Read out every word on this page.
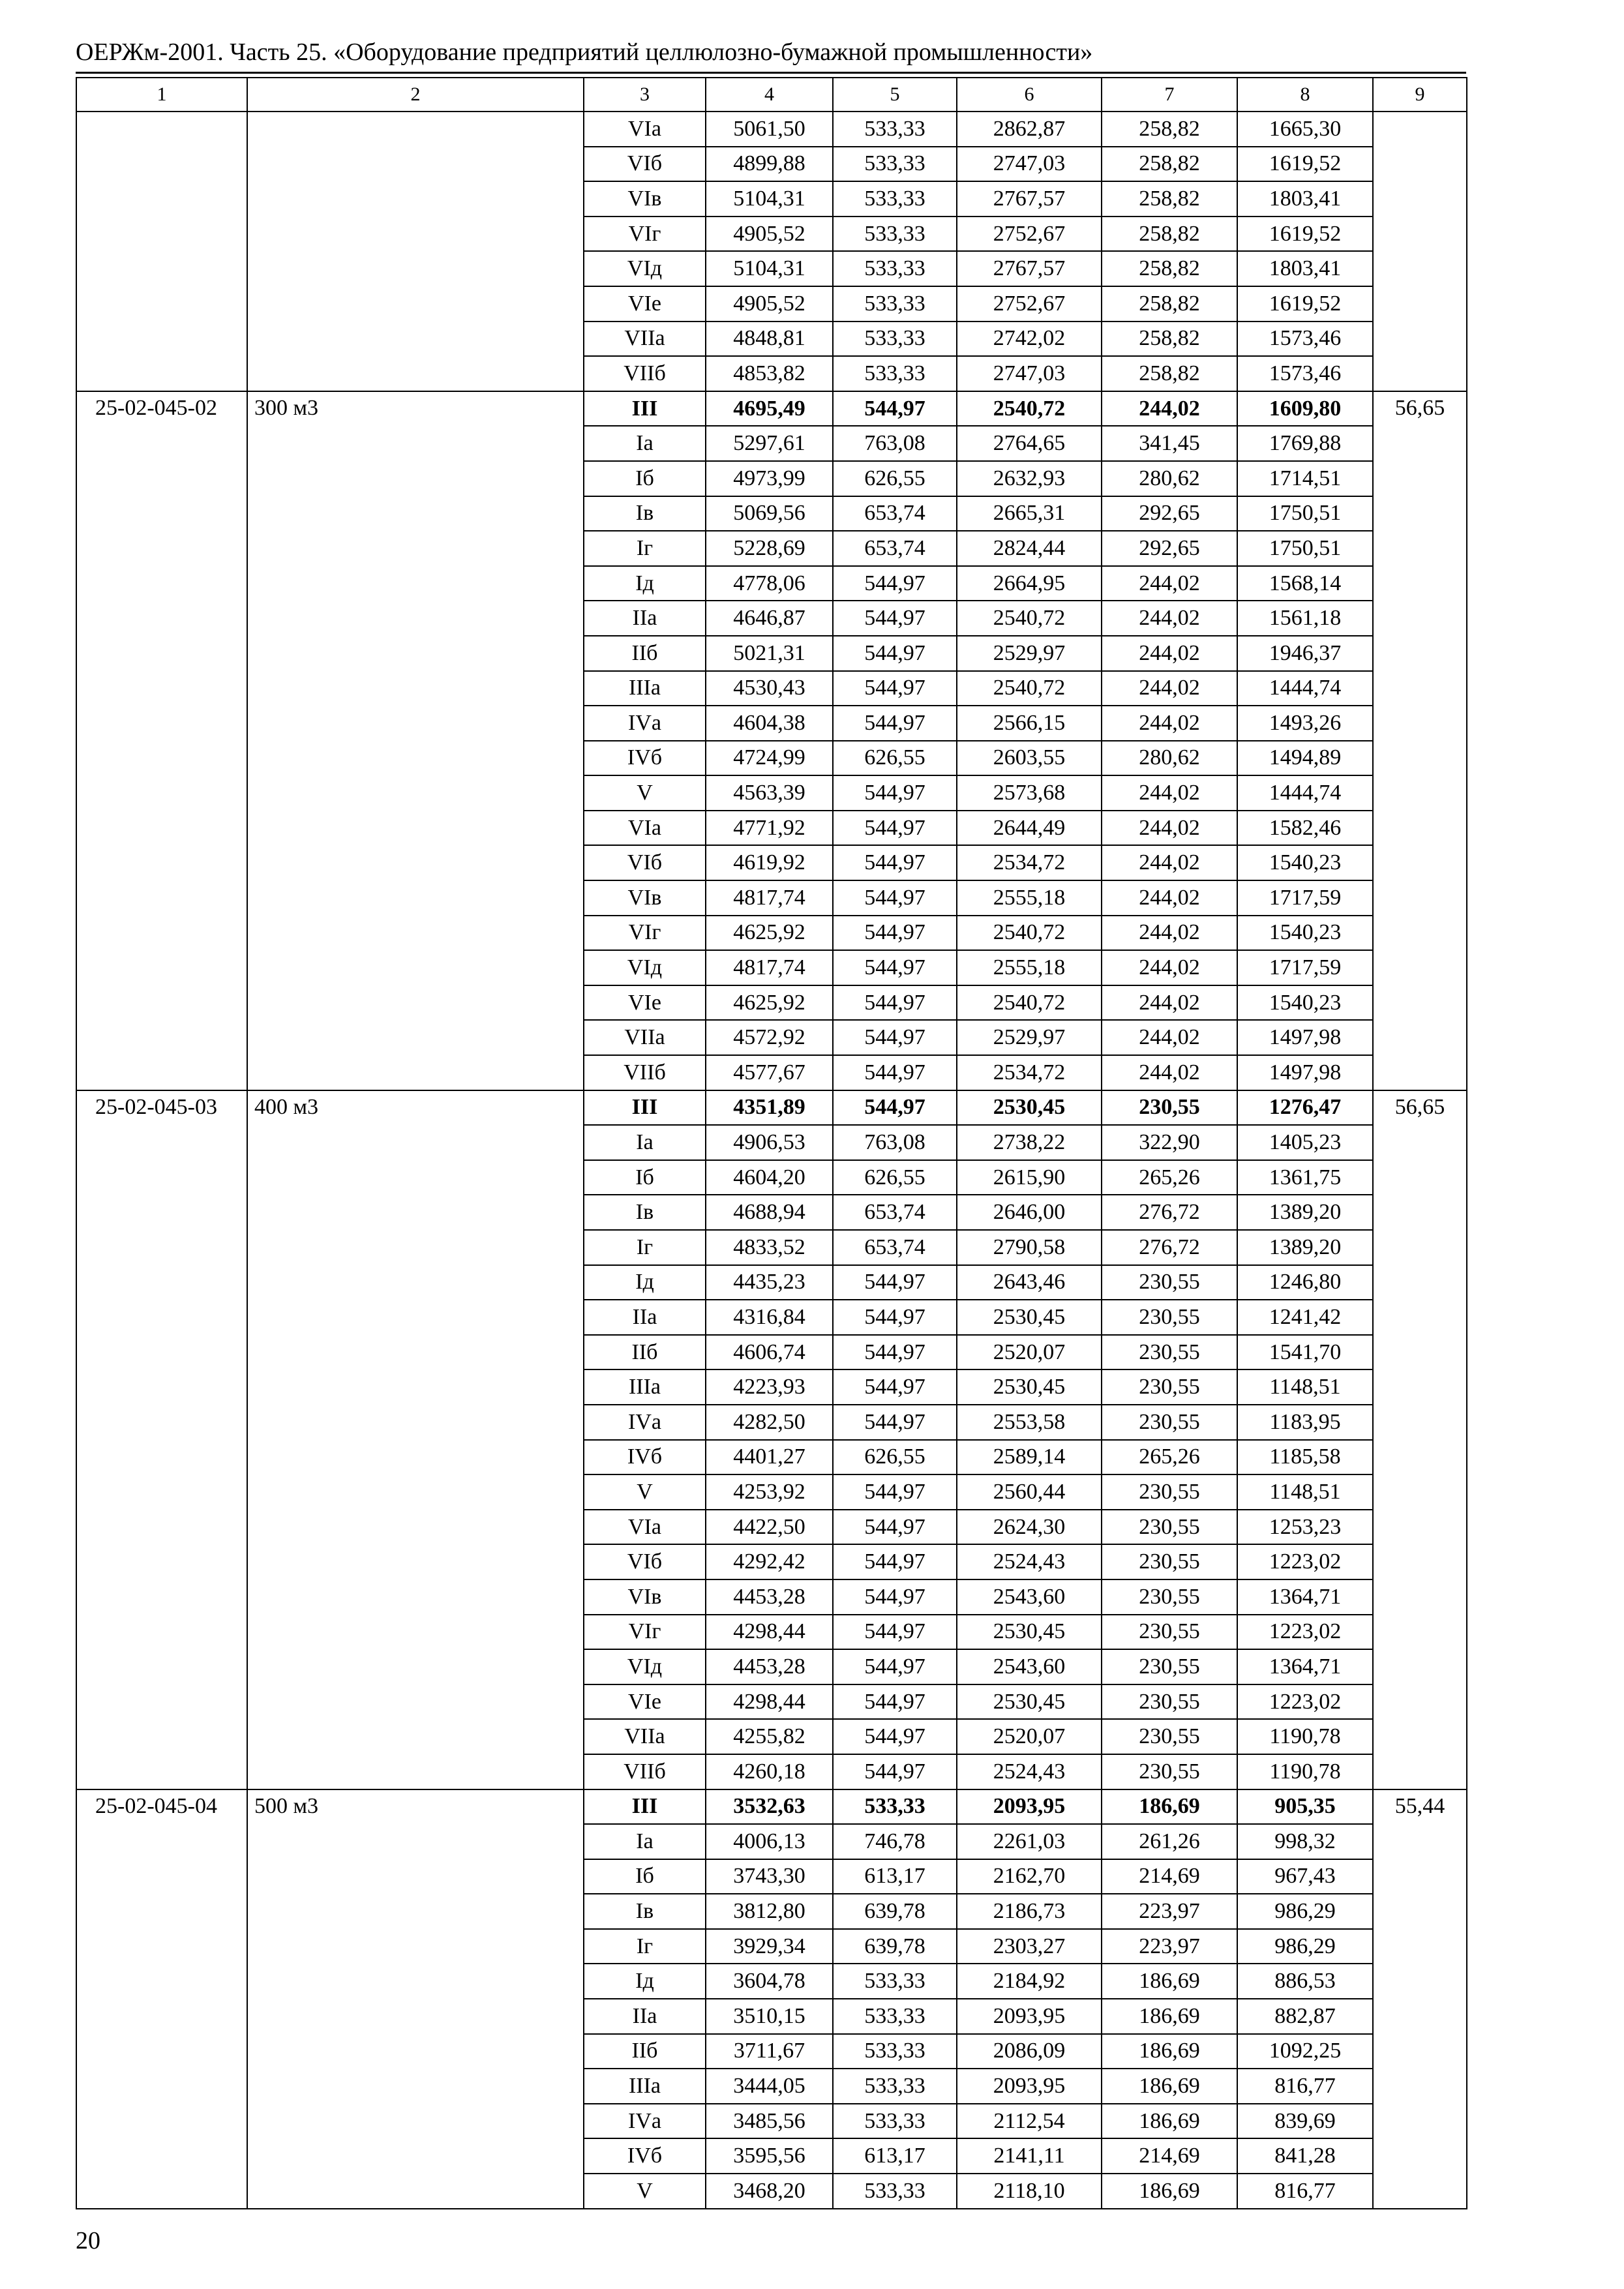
ОЕРЖм-2001. Часть 25. «Оборудование предприятий целлюлозно-бумажной промышленности»
1	2	3	4	5	6	7	8	9
		VIа	5061,50	533,33	2862,87	258,82	1665,30	
		VIб	4899,88	533,33	2747,03	258,82	1619,52	
		VIв	5104,31	533,33	2767,57	258,82	1803,41	
		VIг	4905,52	533,33	2752,67	258,82	1619,52	
		VIд	5104,31	533,33	2767,57	258,82	1803,41	
		VIе	4905,52	533,33	2752,67	258,82	1619,52	
		VIIа	4848,81	533,33	2742,02	258,82	1573,46	
		VIIб	4853,82	533,33	2747,03	258,82	1573,46	
25-02-045-02	300 м3	III	4695,49	544,97	2540,72	244,02	1609,80	56,65
		Iа	5297,61	763,08	2764,65	341,45	1769,88	
		Iб	4973,99	626,55	2632,93	280,62	1714,51	
		Iв	5069,56	653,74	2665,31	292,65	1750,51	
		Iг	5228,69	653,74	2824,44	292,65	1750,51	
		Iд	4778,06	544,97	2664,95	244,02	1568,14	
		IIа	4646,87	544,97	2540,72	244,02	1561,18	
		IIб	5021,31	544,97	2529,97	244,02	1946,37	
		IIIа	4530,43	544,97	2540,72	244,02	1444,74	
		IVа	4604,38	544,97	2566,15	244,02	1493,26	
		IVб	4724,99	626,55	2603,55	280,62	1494,89	
		V	4563,39	544,97	2573,68	244,02	1444,74	
		VIа	4771,92	544,97	2644,49	244,02	1582,46	
		VIб	4619,92	544,97	2534,72	244,02	1540,23	
		VIв	4817,74	544,97	2555,18	244,02	1717,59	
		VIг	4625,92	544,97	2540,72	244,02	1540,23	
		VIд	4817,74	544,97	2555,18	244,02	1717,59	
		VIе	4625,92	544,97	2540,72	244,02	1540,23	
		VIIа	4572,92	544,97	2529,97	244,02	1497,98	
		VIIб	4577,67	544,97	2534,72	244,02	1497,98	
25-02-045-03	400 м3	III	4351,89	544,97	2530,45	230,55	1276,47	56,65
		Iа	4906,53	763,08	2738,22	322,90	1405,23	
		Iб	4604,20	626,55	2615,90	265,26	1361,75	
		Iв	4688,94	653,74	2646,00	276,72	1389,20	
		Iг	4833,52	653,74	2790,58	276,72	1389,20	
		Iд	4435,23	544,97	2643,46	230,55	1246,80	
		IIа	4316,84	544,97	2530,45	230,55	1241,42	
		IIб	4606,74	544,97	2520,07	230,55	1541,70	
		IIIа	4223,93	544,97	2530,45	230,55	1148,51	
		IVа	4282,50	544,97	2553,58	230,55	1183,95	
		IVб	4401,27	626,55	2589,14	265,26	1185,58	
		V	4253,92	544,97	2560,44	230,55	1148,51	
		VIа	4422,50	544,97	2624,30	230,55	1253,23	
		VIб	4292,42	544,97	2524,43	230,55	1223,02	
		VIв	4453,28	544,97	2543,60	230,55	1364,71	
		VIг	4298,44	544,97	2530,45	230,55	1223,02	
		VIд	4453,28	544,97	2543,60	230,55	1364,71	
		VIе	4298,44	544,97	2530,45	230,55	1223,02	
		VIIа	4255,82	544,97	2520,07	230,55	1190,78	
		VIIб	4260,18	544,97	2524,43	230,55	1190,78	
25-02-045-04	500 м3	III	3532,63	533,33	2093,95	186,69	905,35	55,44
		Iа	4006,13	746,78	2261,03	261,26	998,32	
		Iб	3743,30	613,17	2162,70	214,69	967,43	
		Iв	3812,80	639,78	2186,73	223,97	986,29	
		Iг	3929,34	639,78	2303,27	223,97	986,29	
		Iд	3604,78	533,33	2184,92	186,69	886,53	
		IIа	3510,15	533,33	2093,95	186,69	882,87	
		IIб	3711,67	533,33	2086,09	186,69	1092,25	
		IIIа	3444,05	533,33	2093,95	186,69	816,77	
		IVа	3485,56	533,33	2112,54	186,69	839,69	
		IVб	3595,56	613,17	2141,11	214,69	841,28	
		V	3468,20	533,33	2118,10	186,69	816,77	
20
